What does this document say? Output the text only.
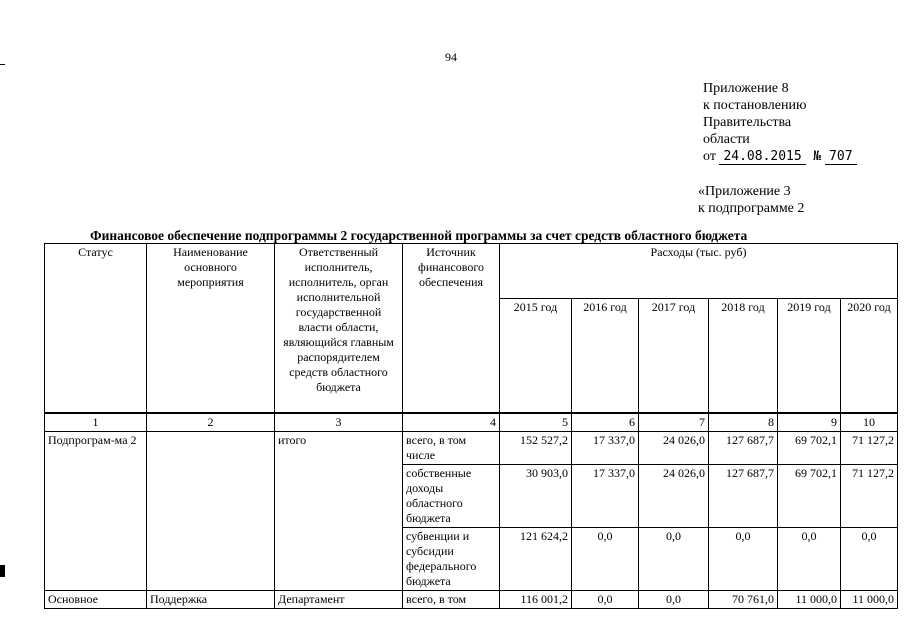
94
Приложение 8
к постановлению
Правительства
области
от 24.08.2015 № 707
«Приложение 3
к подпрограмме 2
Финансовое обеспечение подпрограммы 2 государственной программы за счет средств областного бюджета
Статус	Наименование основного мероприятия	Ответственный исполнитель, исполнитель, орган исполнительной государственной власти области, являющийся главным распорядителем средств областного бюджета	Источник финансового обеспечения	Расходы (тыс. руб)					
				2015 год	2016 год	2017 год	2018 год	2019 год	2020 год
1	2	3	4	5	6	7	8	9	10
Подпрограм-ма 2		итого	всего, в том числе	152 527,2	17 337,0	24 026,0	127 687,7	69 702,1	71 127,2
			собственные доходы областного бюджета	30 903,0	17 337,0	24 026,0	127 687,7	69 702,1	71 127,2
			субвенции и субсидии федерального бюджета	121 624,2	0,0	0,0	0,0	0,0	0,0
Основное	Поддержка	Департамент	всего, в том	116 001,2	0,0	0,0	70 761,0	11 000,0	11 000,0
